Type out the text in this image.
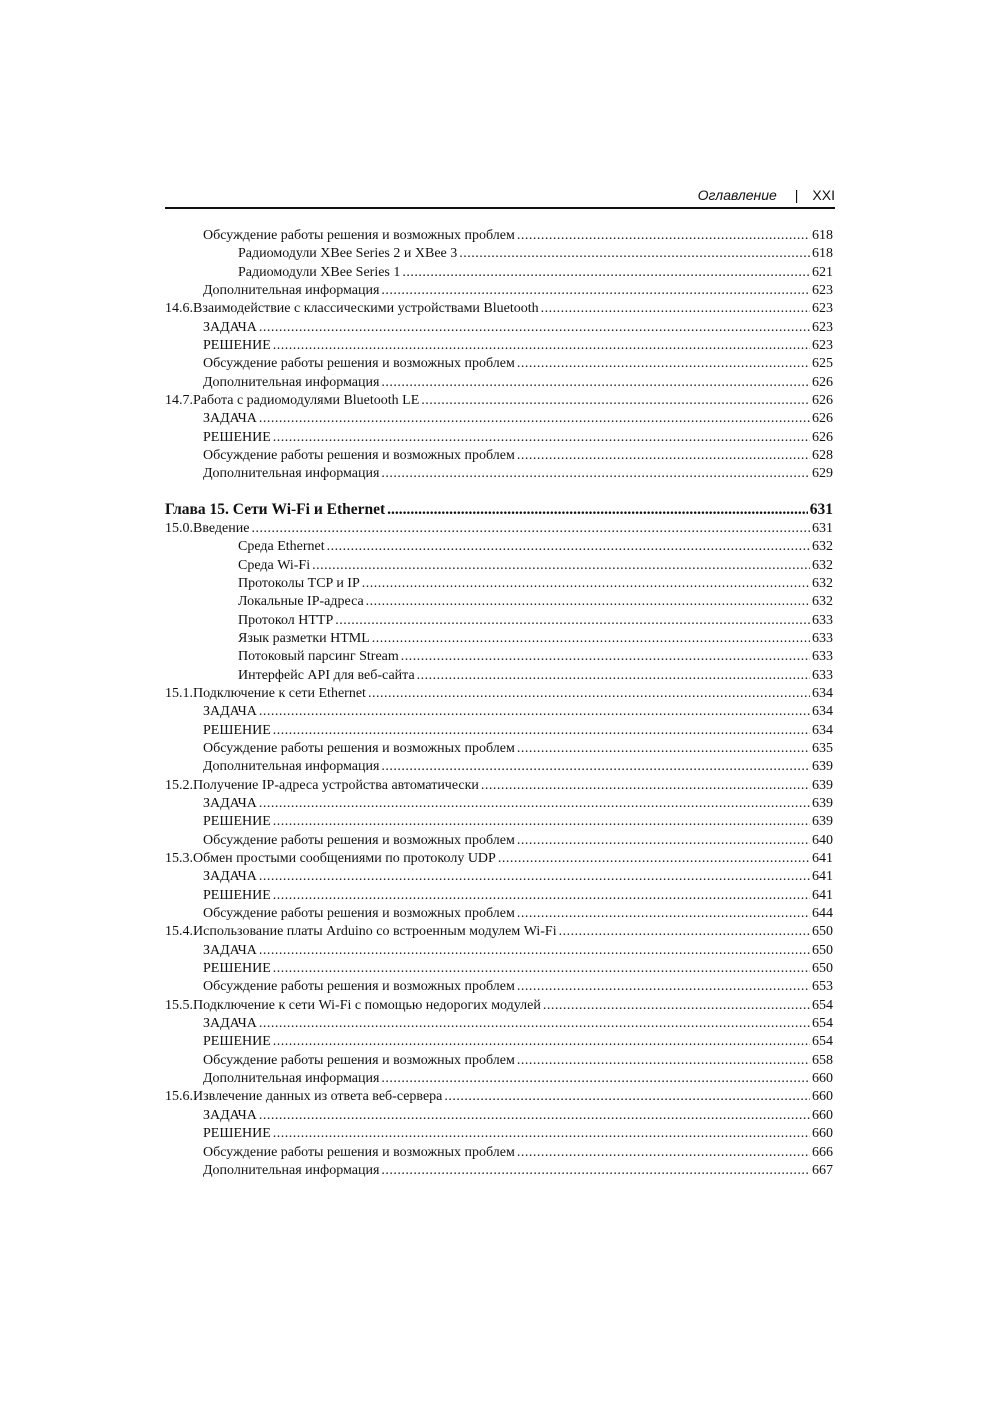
Оглавление | XXI
Обсуждение работы решения и возможных проблем .....	618
Радиомодули XBee Series 2 и XBee 3 .....	618
Радиомодули XBee Series 1 .....	621
Дополнительная информация .....	623
14.6. Взаимодействие с классическими устройствами Bluetooth .....	623
ЗАДАЧА .....	623
РЕШЕНИЕ .....	623
Обсуждение работы решения и возможных проблем .....	625
Дополнительная информация .....	626
14.7. Работа с радиомодулями Bluetooth LE .....	626
ЗАДАЧА .....	626
РЕШЕНИЕ .....	626
Обсуждение работы решения и возможных проблем .....	628
Дополнительная информация .....	629
Глава 15. Сети Wi-Fi и Ethernet .....	631
15.0. Введение .....	631
Среда Ethernet .....	632
Среда Wi-Fi .....	632
Протоколы TCP и IP .....	632
Локальные IP-адреса .....	632
Протокол HTTP .....	633
Язык разметки HTML .....	633
Потоковый парсинг Stream .....	633
Интерфейс API для веб-сайта .....	633
15.1. Подключение к сети Ethernet .....	634
ЗАДАЧА .....	634
РЕШЕНИЕ .....	634
Обсуждение работы решения и возможных проблем .....	635
Дополнительная информация .....	639
15.2. Получение IP-адреса устройства автоматически .....	639
ЗАДАЧА .....	639
РЕШЕНИЕ .....	639
Обсуждение работы решения и возможных проблем .....	640
15.3. Обмен простыми сообщениями по протоколу UDP .....	641
ЗАДАЧА .....	641
РЕШЕНИЕ .....	641
Обсуждение работы решения и возможных проблем .....	644
15.4. Использование платы Arduino со встроенным модулем Wi-Fi .....	650
ЗАДАЧА .....	650
РЕШЕНИЕ .....	650
Обсуждение работы решения и возможных проблем .....	653
15.5. Подключение к сети Wi-Fi с помощью недорогих модулей .....	654
ЗАДАЧА .....	654
РЕШЕНИЕ .....	654
Обсуждение работы решения и возможных проблем .....	658
Дополнительная информация .....	660
15.6. Извлечение данных из ответа веб-сервера .....	660
ЗАДАЧА .....	660
РЕШЕНИЕ .....	660
Обсуждение работы решения и возможных проблем .....	666
Дополнительная информация .....	667
